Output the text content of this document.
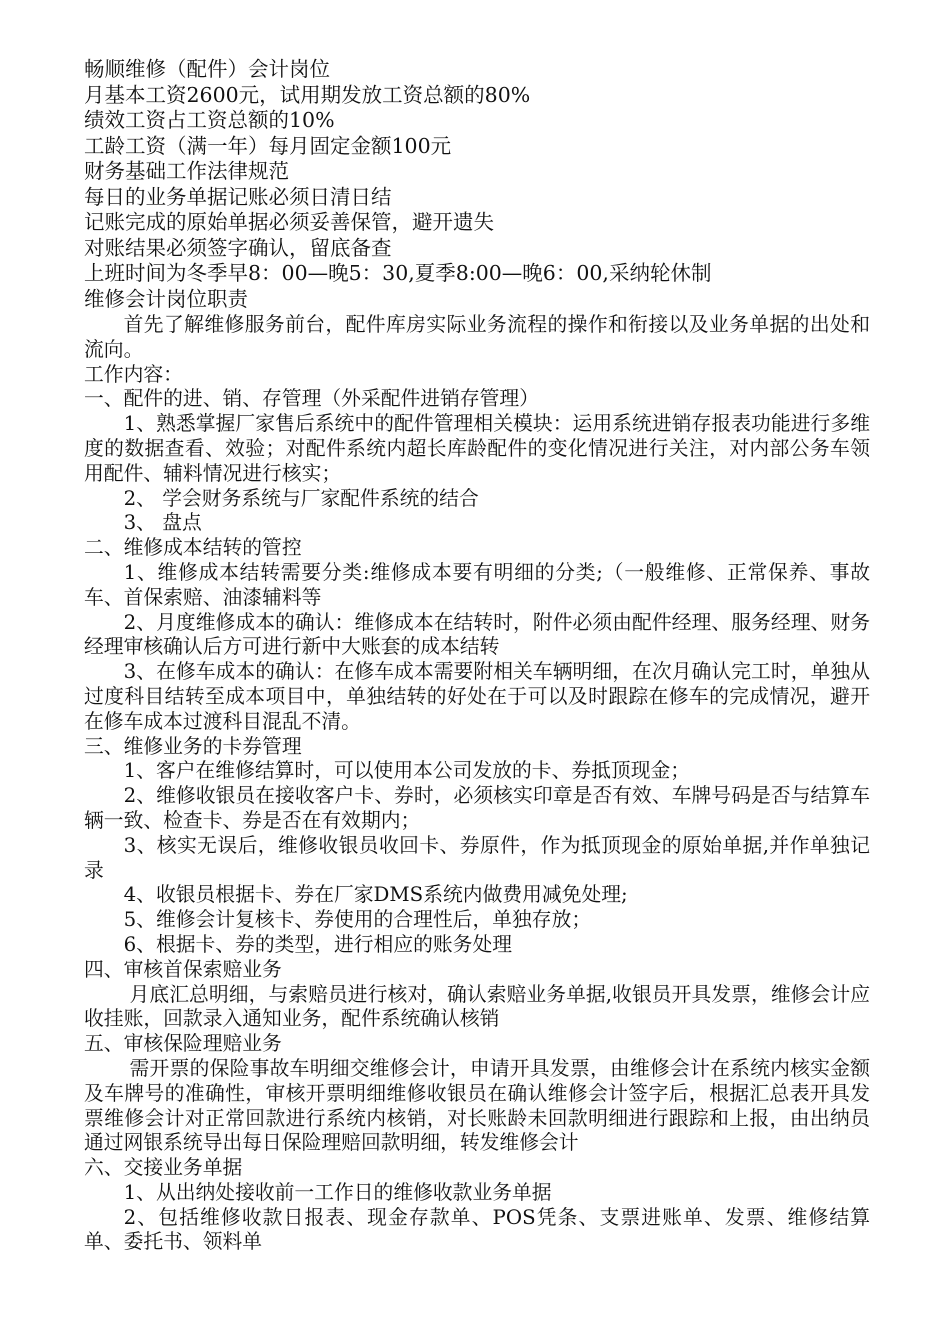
畅顺维修（配件）会计岗位

月基本工资2600元，试用期发放工资总额的80%

绩效工资占工资总额的10%

工龄工资（满一年）每月固定金额100元

财务基础工作法律规范

每日的业务单据记账必须日清日结

记账完成的原始单据必须妥善保管，避开遗失

对账结果必须签字确认，留底备查

上班时间为冬季早8：00—晚5：30,夏季8:00—晚6：00,采纳轮休制

维修会计岗位职责

首先了解维修服务前台，配件库房实际业务流程的操作和衔接以及业务单据的出处和流向。

工作内容：

一、配件的进、销、存管理（外采配件进销存管理）

1、熟悉掌握厂家售后系统中的配件管理相关模块：运用系统进销存报表功能进行多维度的数据查看、效验；对配件系统内超长库龄配件的变化情况进行关注，对内部公务车领用配件、辅料情况进行核实；

2、 学会财务系统与厂家配件系统的结合

3、 盘点

二、维修成本结转的管控

1、维修成本结转需要分类:维修成本要有明细的分类;（一般维修、正常保养、事故车、首保索赔、油漆辅料等

2、月度维修成本的确认：维修成本在结转时，附件必须由配件经理、服务经理、财务经理审核确认后方可进行新中大账套的成本结转

3、在修车成本的确认：在修车成本需要附相关车辆明细，在次月确认完工时，单独从过度科目结转至成本项目中，单独结转的好处在于可以及时跟踪在修车的完成情况，避开在修车成本过渡科目混乱不清。

三、维修业务的卡券管理

1、客户在维修结算时，可以使用本公司发放的卡、券抵顶现金；

2、维修收银员在接收客户卡、券时，必须核实印章是否有效、车牌号码是否与结算车辆一致、检查卡、券是否在有效期内；

3、核实无误后，维修收银员收回卡、券原件，作为抵顶现金的原始单据,并作单独记录

4、收银员根据卡、券在厂家DMS系统内做费用减免处理;

5、维修会计复核卡、券使用的合理性后，单独存放；

6、根据卡、券的类型，进行相应的账务处理

四、审核首保索赔业务

月底汇总明细，与索赔员进行核对，确认索赔业务单据,收银员开具发票，维修会计应收挂账，回款录入通知业务，配件系统确认核销

五、审核保险理赔业务

需开票的保险事故车明细交维修会计，申请开具发票，由维修会计在系统内核实金额及车牌号的准确性，审核开票明细维修收银员在确认维修会计签字后，根据汇总表开具发票维修会计对正常回款进行系统内核销，对长账龄未回款明细进行跟踪和上报，由出纳员通过网银系统导出每日保险理赔回款明细，转发维修会计

六、交接业务单据

1、从出纳处接收前一工作日的维修收款业务单据

2、包括维修收款日报表、现金存款单、POS凭条、支票进账单、发票、维修结算单、委托书、领料单
